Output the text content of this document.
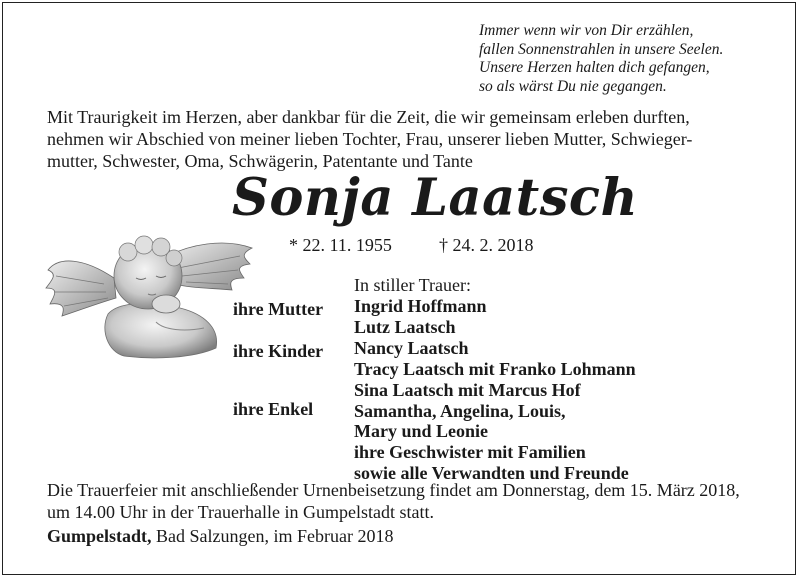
Immer wenn wir von Dir erzählen,
fallen Sonnenstrahlen in unsere Seelen.
Unsere Herzen halten dich gefangen,
so als wärst Du nie gegangen.
Mit Traurigkeit im Herzen, aber dankbar für die Zeit, die wir gemeinsam erleben durften,
nehmen wir Abschied von meiner lieben Tochter, Frau, unserer lieben Mutter, Schwieger-
mutter, Schwester, Oma, Schwägerin, Patentante und Tante
Sonja Laatsch
* 22. 11. 1955	† 24. 2. 2018
In stiller Trauer:
ihre Mutter
ihre Kinder
ihre Enkel
Ingrid Hoffmann
Lutz Laatsch
Nancy Laatsch
Tracy Laatsch mit Franko Lohmann
Sina Laatsch mit Marcus Hof
Samantha, Angelina, Louis,
Mary und Leonie
ihre Geschwister mit Familien
sowie alle Verwandten und Freunde
Die Trauerfeier mit anschließender Urnenbeisetzung findet am Donnerstag, dem 15. März 2018,
um 14.00 Uhr in der Trauerhalle in Gumpelstadt statt.
Gumpelstadt, Bad Salzungen, im Februar 2018
